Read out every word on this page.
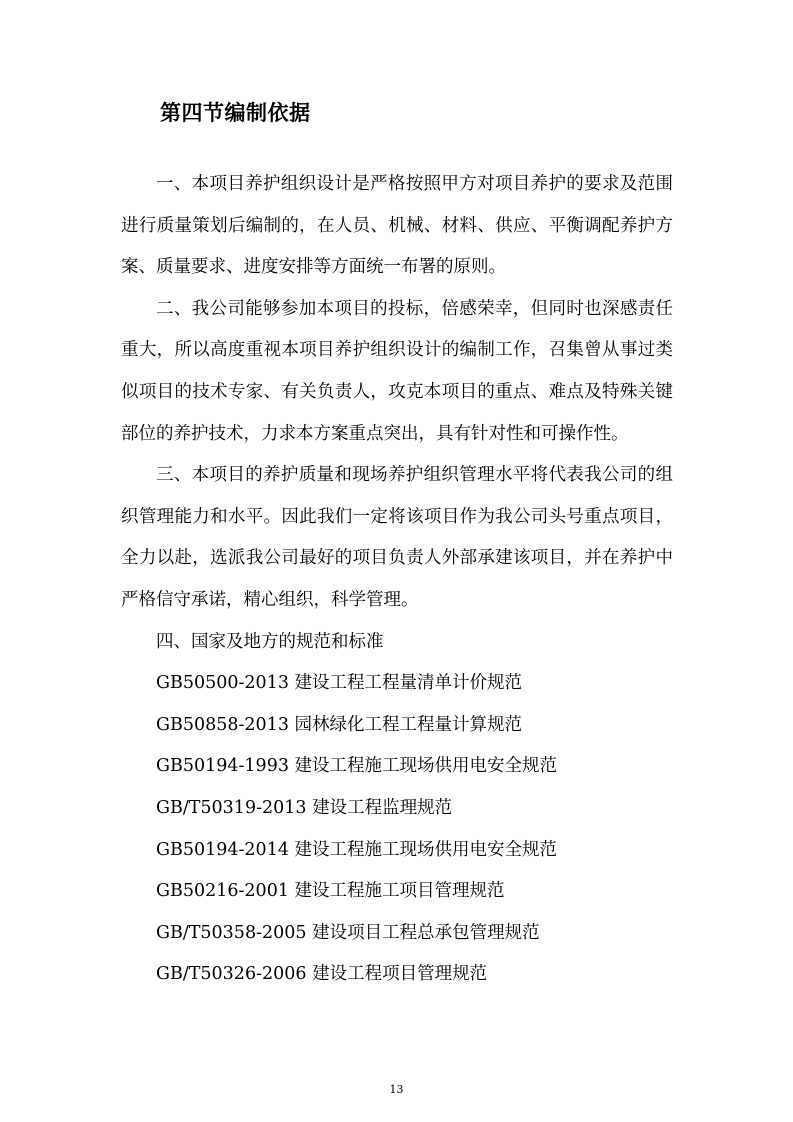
第四节编制依据

一、本项目养护组织设计是严格按照甲方对项目养护的要求及范围进行质量策划后编制的，在人员、机械、材料、供应、平衡调配养护方案、质量要求、进度安排等方面统一布署的原则。

二、我公司能够参加本项目的投标，倍感荣幸，但同时也深感责任重大，所以高度重视本项目养护组织设计的编制工作，召集曾从事过类似项目的技术专家、有关负责人，攻克本项目的重点、难点及特殊关键部位的养护技术，力求本方案重点突出，具有针对性和可操作性。

三、本项目的养护质量和现场养护组织管理水平将代表我公司的组织管理能力和水平。因此我们一定将该项目作为我公司头号重点项目，全力以赴，选派我公司最好的项目负责人外部承建该项目，并在养护中严格信守承诺，精心组织，科学管理。

四、国家及地方的规范和标准

GB50500-2013 建设工程工程量清单计价规范
GB50858-2013 园林绿化工程工程量计算规范
GB50194-1993 建设工程施工现场供用电安全规范
GB/T50319-2013 建设工程监理规范
GB50194-2014 建设工程施工现场供用电安全规范
GB50216-2001 建设工程施工项目管理规范
GB/T50358-2005 建设项目工程总承包管理规范
GB/T50326-2006 建设工程项目管理规范
13
